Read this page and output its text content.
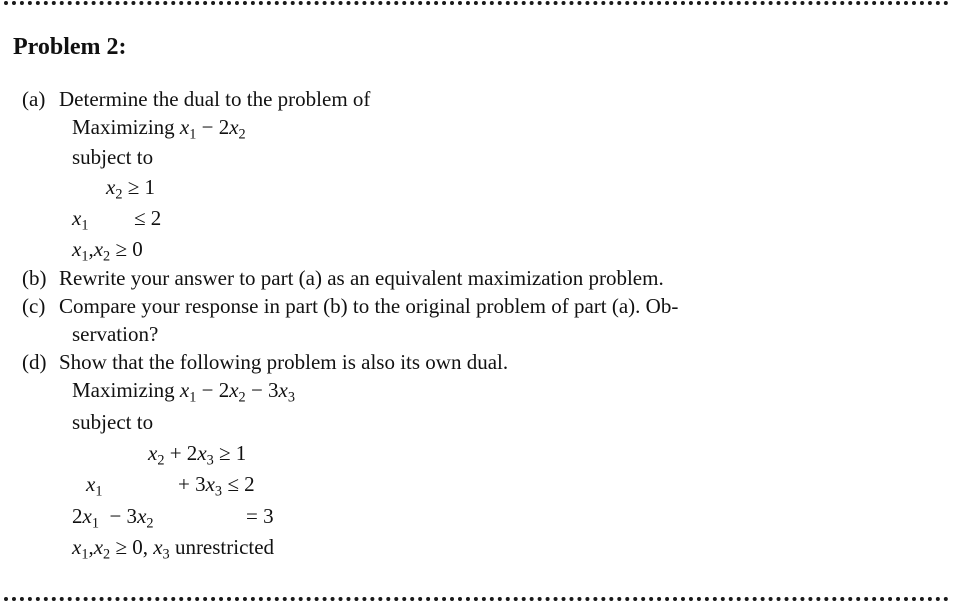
Problem 2:
(a) Determine the dual to the problem of
Maximizing $x_1 - 2x_2$
subject to
$x_2 \ge 1$
$x_1 \le 2$
$x_1,x_2 \ge 0$
(b) Rewrite your answer to part (a) as an equivalent maximization problem.
(c) Compare your response in part (b) to the original problem of part (a). Ob-
servation?
(d) Show that the following problem is also its own dual.
Maximizing $x_1 - 2x_2 - 3x_3$
subject to
$x_2 + 2x_3 \ge 1$
$x_1$	+ $3x_3 \le 2$
$2x_1 - 3x_2$	= 3
$x_1,x_2 \ge 0$, $x_3$ unrestricted
